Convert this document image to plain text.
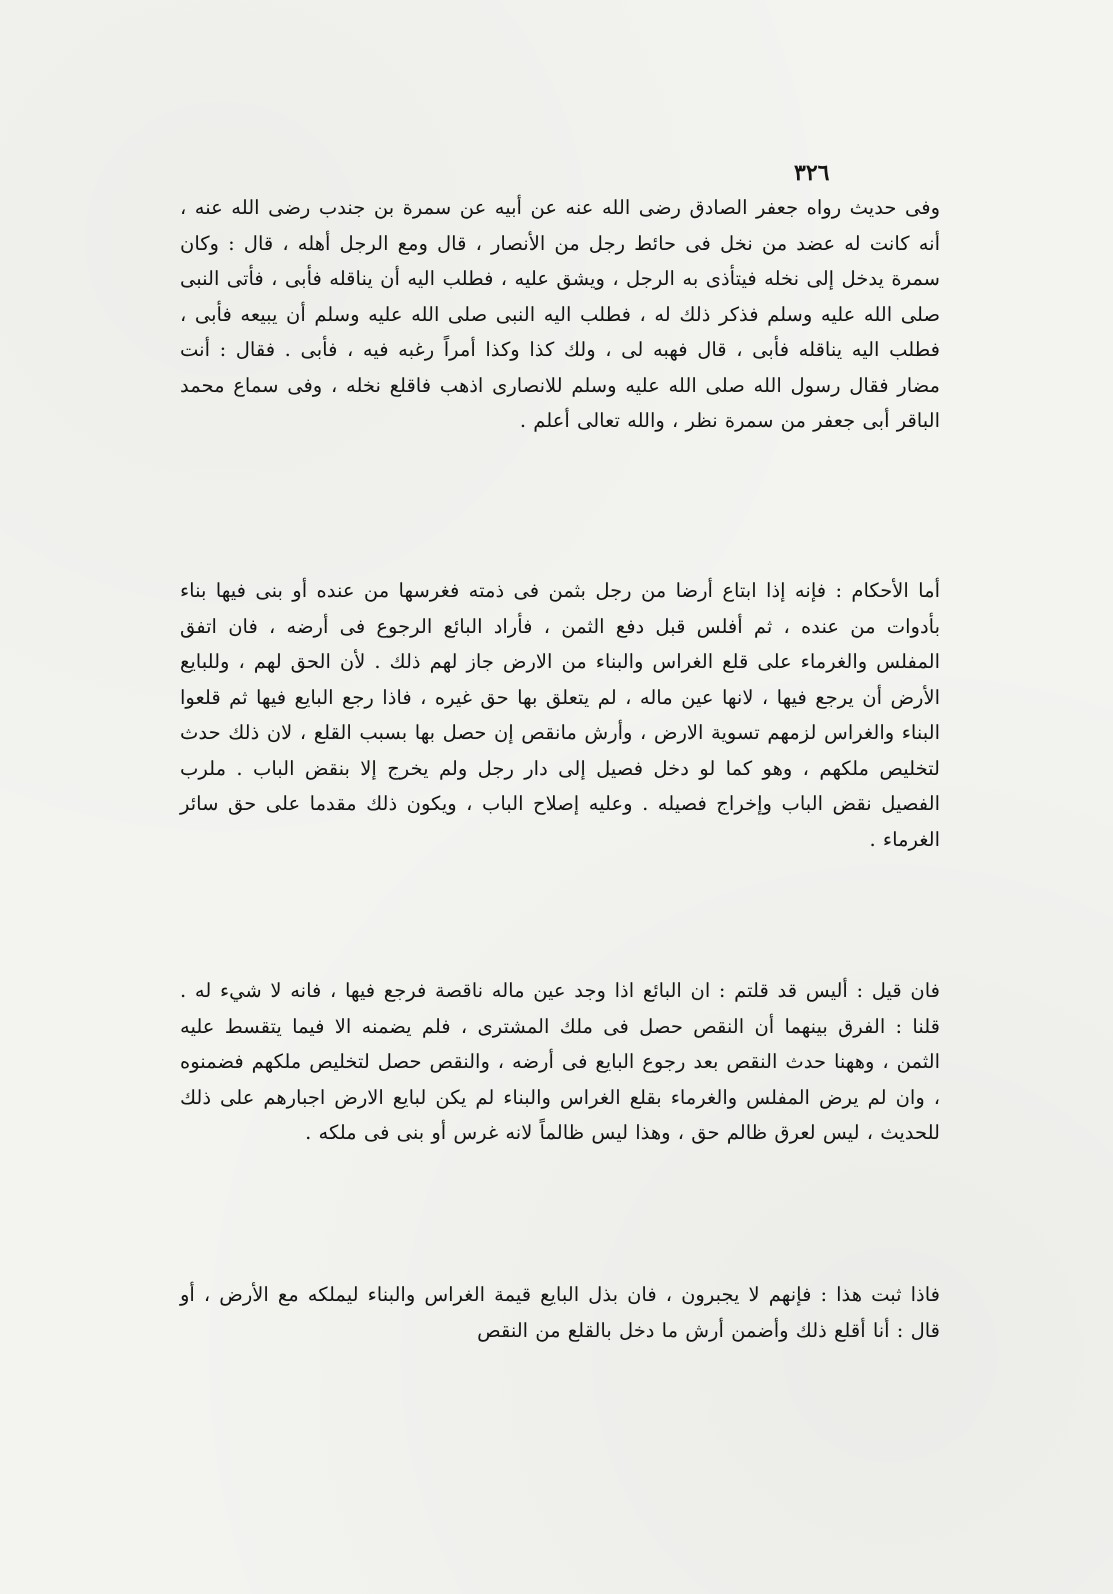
٣٢٦

وفى حديث رواه جعفر الصادق رضى الله عنه عن أبيه عن سمرة بن جندب رضى الله عنه ، أنه كانت له عضد من نخل فى حائط رجل من الأنصار ، قال ومع الرجل أهله ، قال : وكان سمرة يدخل إلى نخله فيتأذى به الرجل ، ويشق عليه ، فطلب اليه أن يناقله فأبى ، فأتى النبى صلى الله عليه وسلم فذكر ذلك له ، فطلب اليه النبى صلى الله عليه وسلم أن يبيعه فأبى ، فطلب اليه يناقله فأبى ، قال فهبه لى ، ولك كذا وكذا أمراً رغبه فيه ، فأبى . فقال : أنت مضار فقال رسول الله صلى الله عليه وسلم للانصارى اذهب فاقلع نخله ، وفى سماع محمد الباقر أبى جعفر من سمرة نظر ، والله تعالى أعلم .

أما الأحكام : فإنه إذا ابتاع أرضا من رجل بثمن فى ذمته فغرسها من عنده أو بنى فيها بناء بأدوات من عنده ، ثم أفلس قبل دفع الثمن ، فأراد البائع الرجوع فى أرضه ، فان اتفق المفلس والغرماء على قلع الغراس والبناء من الارض جاز لهم ذلك . لأن الحق لهم ، وللبايع الأرض أن يرجع فيها ، لانها عين ماله ، لم يتعلق بها حق غيره ، فاذا رجع البايع فيها ثم قلعوا البناء والغراس لزمهم تسوية الارض ، وأرش مانقص إن حصل بها بسبب القلع ، لان ذلك حدث لتخليص ملكهم ، وهو كما لو دخل فصيل إلى دار رجل ولم يخرج إلا بنقض الباب . ملرب الفصيل نقض الباب وإخراج فصيله . وعليه إصلاح الباب ، ويكون ذلك مقدما على حق سائر الغرماء .

فان قيل : أليس قد قلتم : ان البائع اذا وجد عين ماله ناقصة فرجع فيها ، فانه لا شيء له . قلنا : الفرق بينهما أن النقص حصل فى ملك المشترى ، فلم يضمنه الا فيما يتقسط عليه الثمن ، وههنا حدث النقص بعد رجوع البايع فى أرضه ، والنقص حصل لتخليص ملكهم فضمنوه ، وان لم يرض المفلس والغرماء بقلع الغراس والبناء لم يكن لبايع الارض اجبارهم على ذلك للحديث ، ليس لعرق ظالم حق ، وهذا ليس ظالماً لانه غرس أو بنى فى ملكه .

فاذا ثبت هذا : فإنهم لا يجبرون ، فان بذل البايع قيمة الغراس والبناء ليملكه مع الأرض ، أو قال : أنا أقلع ذلك وأضمن أرش ما دخل بالقلع من النقص
